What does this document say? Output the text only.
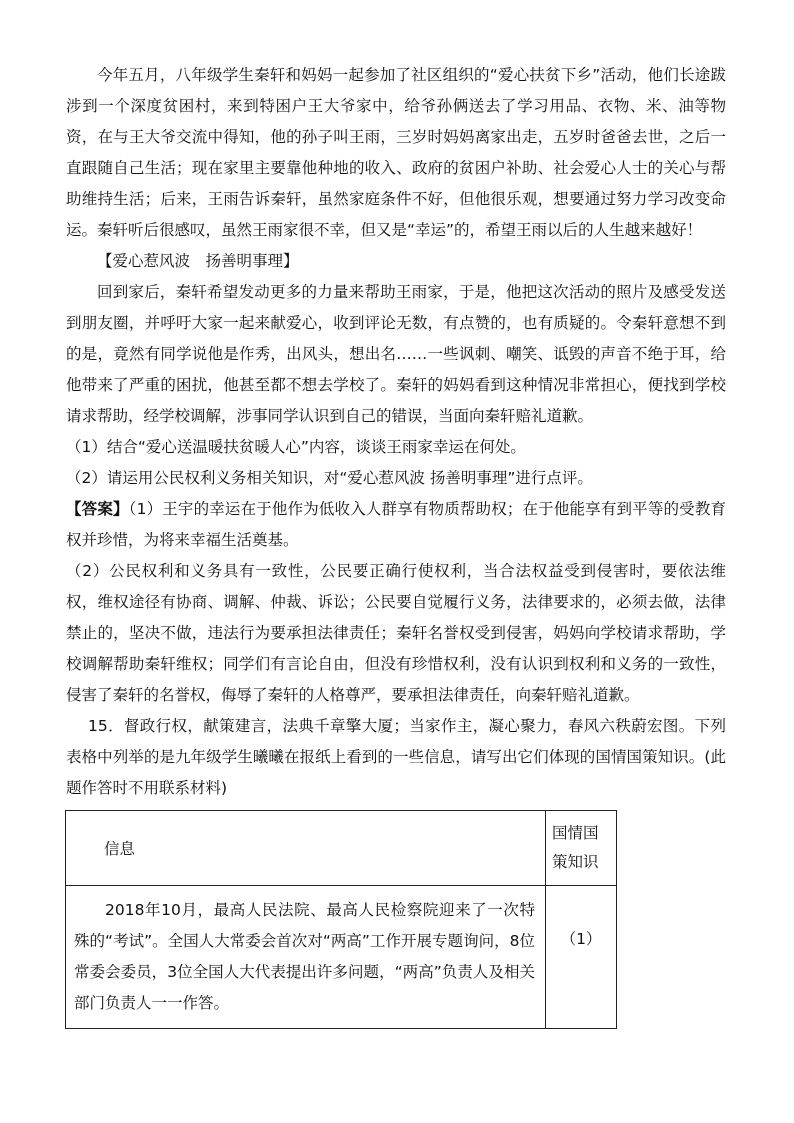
今年五月，八年级学生秦轩和妈妈一起参加了社区组织的“爱心扶贫下乡”活动，他们长途跋涉到一个深度贫困村，来到特困户王大爷家中，给爷孙俩送去了学习用品、衣物、米、油等物资，在与王大爷交流中得知，他的孙子叫王雨，三岁时妈妈离家出走，五岁时爸爸去世，之后一直跟随自己生活；现在家里主要靠他种地的收入、政府的贫困户补助、社会爱心人士的关心与帮助维持生活；后来，王雨告诉秦轩，虽然家庭条件不好，但他很乐观，想要通过努力学习改变命运。秦轩听后很感叹，虽然王雨家很不幸，但又是“幸运”的，希望王雨以后的人生越来越好！

【爱心惹风波　扬善明事理】

回到家后，秦轩希望发动更多的力量来帮助王雨家，于是，他把这次活动的照片及感受发送到朋友圈，并呼吁大家一起来献爱心，收到评论无数，有点赞的，也有质疑的。令秦轩意想不到的是，竟然有同学说他是作秀，出风头，想出名……一些讽刺、嘲笑、诋毁的声音不绝于耳，给他带来了严重的困扰，他甚至都不想去学校了。秦轩的妈妈看到这种情况非常担心，便找到学校请求帮助，经学校调解，涉事同学认识到自己的错误，当面向秦轩赔礼道歉。

（1）结合“爱心送温暖扶贫暖人心”内容，谈谈王雨家幸运在何处。

（2）请运用公民权利义务相关知识，对“爱心惹风波 扬善明事理”进行点评。

【答案】（1）王宇的幸运在于他作为低收入人群享有物质帮助权；在于他能享有到平等的受教育权并珍惜，为将来幸福生活奠基。

（2）公民权利和义务具有一致性，公民要正确行使权利，当合法权益受到侵害时，要依法维权，维权途径有协商、调解、仲裁、诉讼；公民要自觉履行义务，法律要求的，必须去做，法律禁止的，坚决不做，违法行为要承担法律责任；秦轩名誉权受到侵害，妈妈向学校请求帮助，学校调解帮助秦轩维权；同学们有言论自由，但没有珍惜权利，没有认识到权利和义务的一致性，侵害了秦轩的名誉权，侮辱了秦轩的人格尊严，要承担法律责任，向秦轩赔礼道歉。

15．督政行权，献策建言，法典千章擎大厦；当家作主，凝心聚力，春风六秩蔚宏图。下列表格中列举的是九年级学生曦曦在报纸上看到的一些信息，请写出它们体现的国情国策知识。(此题作答时不用联系材料)

信息	国情国策知识
2018年10月，最高人民法院、最高人民检察院迎来了一次特殊的“考试”。全国人大常委会首次对“两高”工作开展专题询问，8位常委会委员，3位全国人大代表提出许多问题，“两高”负责人及相关部门负责人一一作答。	（1）
